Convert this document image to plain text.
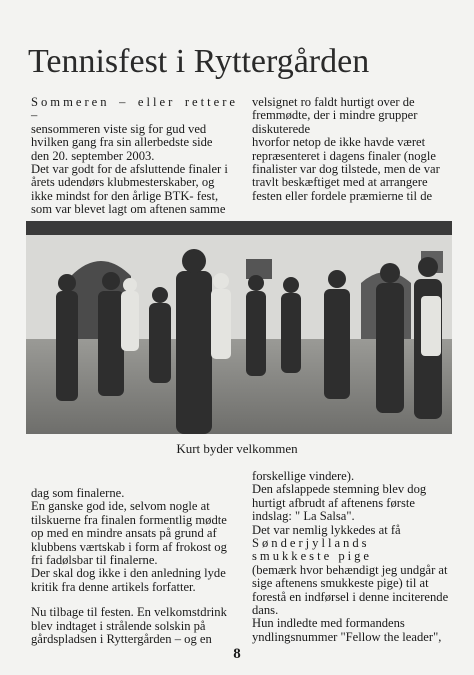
Tennisfest i Ryttergården

Sommeren – eller rettere –

sensommeren viste sig for gud ved

hvilken gang fra sin allerbedste side

den 20. september 2003.

Det var godt for de afsluttende finaler i

årets udendørs klubmesterskaber, og

ikke mindst for den årlige BTK- fest,

som var blevet lagt om aftenen samme

velsignet ro faldt hurtigt over de

fremmødte, der i mindre grupper

diskuterede

hvorfor netop de ikke havde været

repræsenteret i dagens finaler (nogle

finalister var dog tilstede, men de var

travlt beskæftiget med at arrangere

festen eller fordele præmierne til de

Kurt byder velkommen

dag som finalerne.

En ganske god ide, selvom nogle at

tilskuerne fra finalen formentlig mødte

op med en mindre ansats på grund af

klubbens værtskab i form af frokost og

fri fadølsbar til finalerne.

Der skal dog ikke i den anledning lyde

kritik fra denne artikels forfatter.

Nu tilbage til festen. En velkomstdrink

blev indtaget i strålende solskin på

gårdspladsen i Ryttergården – og en

forskellige vindere).

Den afslappede stemning blev dog

hurtigt afbrudt af aftenens første

indslag: " La Salsa".

Det var nemlig lykkedes at få

Sønderjyllands smukkeste pige

(bemærk hvor behændigt jeg undgår at

sige aftenens smukkeste pige) til at

forestå en indførsel i denne inciterende

dans.

Hun indledte med formandens

yndlingsnummer "Fellow the leader",

8
